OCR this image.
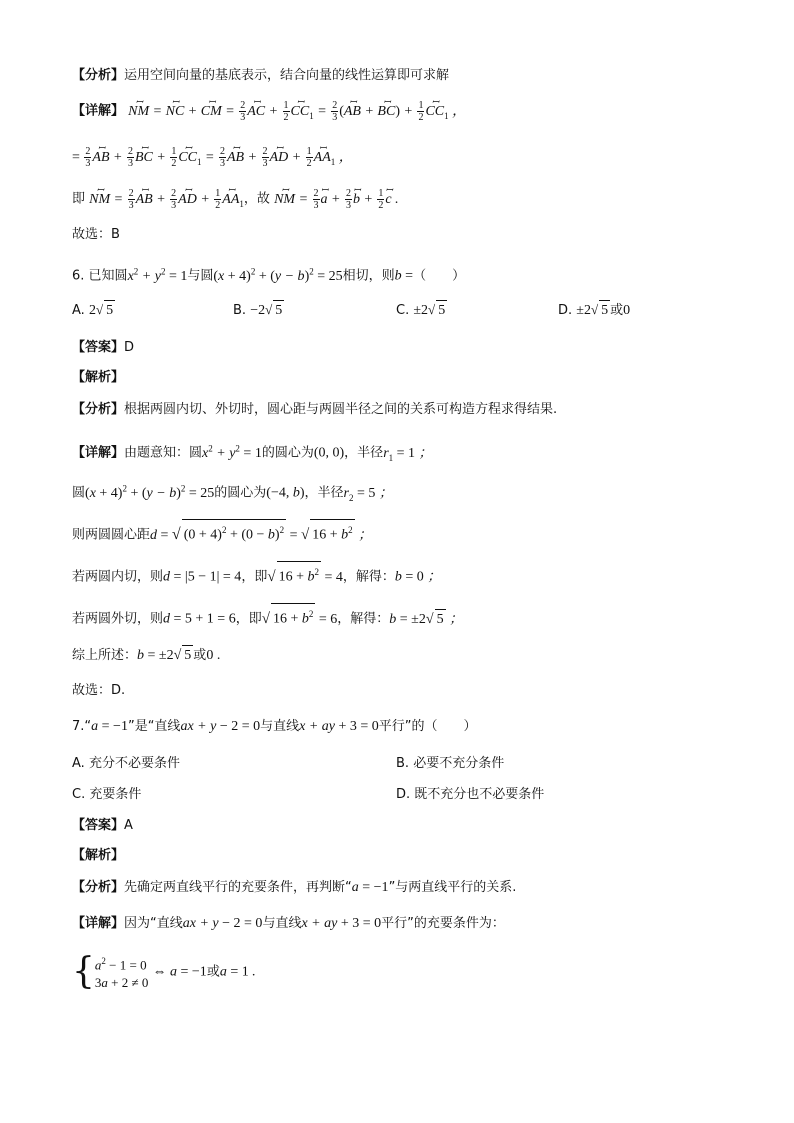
【分析】运用空间向量的基底表示，结合向量的线性运算即可求解
【详解】 ꟷ NM = ꟷ NC + ꟷ CM = $\frac{2}{3}$ ꟷ AC + $\frac{1}{2}$ ꟷ $CC_1 = \frac{2}{3}$ (ꟷ AB + ꟷ $BC) + \frac{1}{2}$ ꟷ $CC_1$ ，
= $\frac{2}{3}$ ꟷ AB + $\frac{2}{3}$ ꟷ BC + $\frac{1}{2}$ ꟷ $CC_1 = \frac{2}{3}$ ꟷ AB + $\frac{2}{3}$ ꟷ AD + $\frac{1}{2}$ ꟷ $AA_1$ ，
即 ꟷ NM = $\frac{2}{3}$ ꟷ AB + $\frac{2}{3}$ ꟷ AD + $\frac{1}{2}$ ꟷ $AA_1$，故 ꟷ NM = $\frac{2}{3}$ ꟷ $a + \frac{2}{3}$ ꟷ $b + \frac{1}{2}$ ꟷ c .
故选：B
6. 已知圆$x^2 + y^2 = 1$与圆$(x + 4)^2 + (y - b)^2 = 25$相切，则b =（　　）
A. 2√ 5	B. −2√ 5	C. ±2√ 5	D. ±2√ 5 或0
【答案】D
【解析】
【分析】根据两圆内切、外切时，圆心距与两圆半径之间的关系可构造方程求得结果.
【详解】由题意知：圆$x^2 + y^2 = 1$的圆心为(0, 0)，半径$r_1 = 1$ ；
圆$(x + 4)^2 + (y - b)^2 = 25$的圆心为(−4, b)，半径$r_2 = 5$ ；
则两圆圆心距d = √ $(0 + 4)^2 + (0 - b)^2$ = √ $16 + b^2$ ；
若两圆内切，则d = |5 − 1| = 4，即√ $16 + b^2 = 4$，解得：b = 0 ；
若两圆外切，则d = 5 + 1 = 6，即√ $16 + b^2 = 6$，解得：b = ±2√ 5 ；
综上所述：b = ±2√ 5 或0 .
故选：D.
7.“a = −1”是“直线ax + y − 2 = 0与直线x + ay + 3 = 0平行”的（　　）
A. 充分不必要条件	B. 必要不充分条件
C. 充要条件	D. 既不充分也不必要条件
【答案】A
【解析】
【分析】先确定两直线平行的充要条件，再判断“a = −1”与两直线平行的关系.
【详解】因为“直线ax + y − 2 = 0与直线x + ay + 3 = 0平行”的充要条件为：
{ $a^2 - 1 = 0$
3a + 2 ≠ 0
⇔ a = −1或a = 1 .
